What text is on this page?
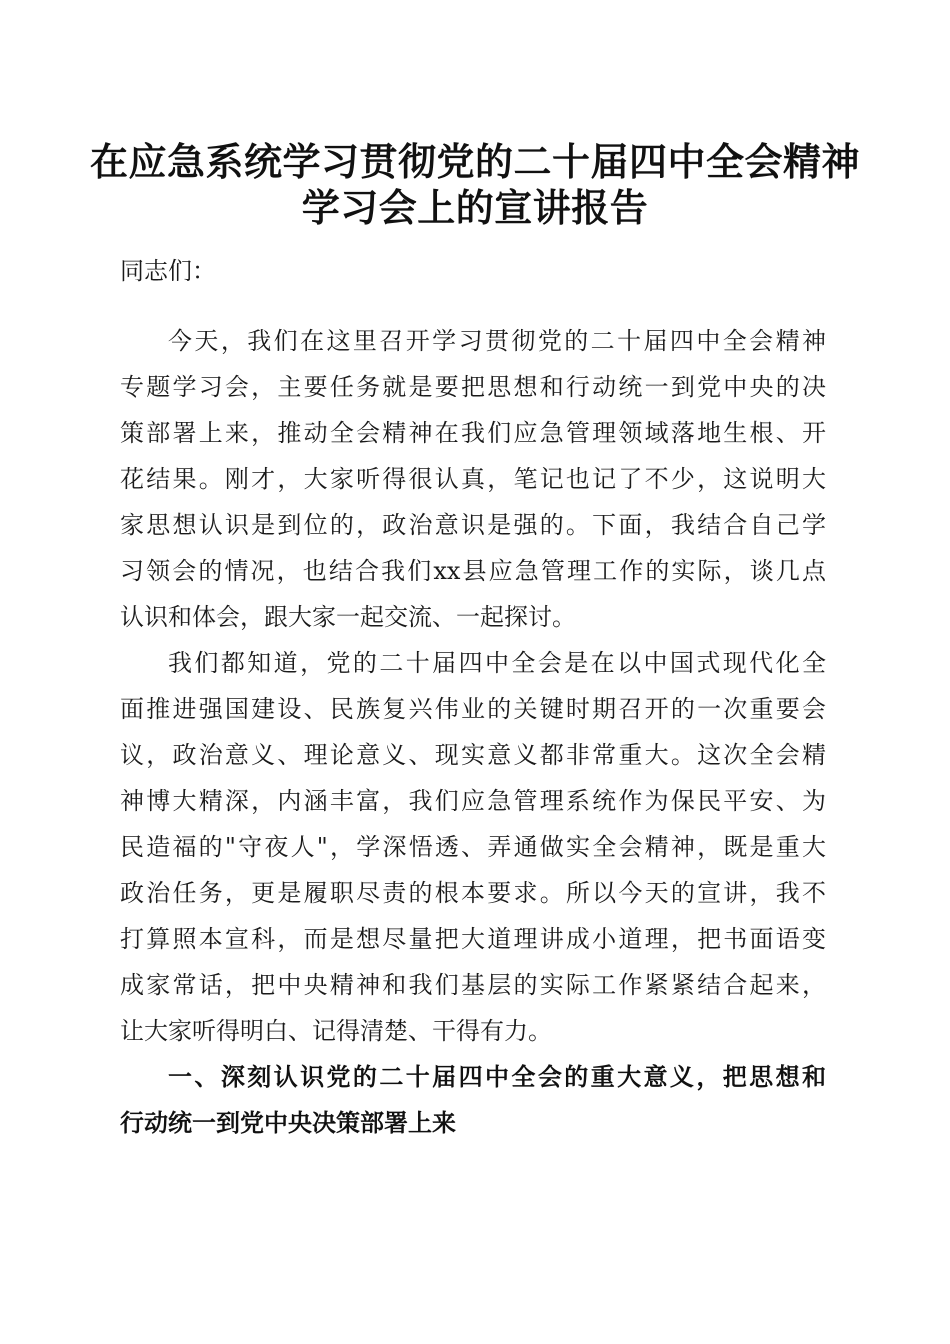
在应急系统学习贯彻党的二十届四中全会精神
学习会上的宣讲报告
同志们：
今天，我们在这里召开学习贯彻党的二十届四中全会精神
专题学习会，主要任务就是要把思想和行动统一到党中央的决
策部署上来，推动全会精神在我们应急管理领域落地生根、开
花结果。刚才，大家听得很认真，笔记也记了不少，这说明大
家思想认识是到位的，政治意识是强的。下面，我结合自己学
习领会的情况，也结合我们xx县应急管理工作的实际，谈几点
认识和体会，跟大家一起交流、一起探讨。
我们都知道，党的二十届四中全会是在以中国式现代化全
面推进强国建设、民族复兴伟业的关键时期召开的一次重要会
议，政治意义、理论意义、现实意义都非常重大。这次全会精
神博大精深，内涵丰富，我们应急管理系统作为保民平安、为
民造福的"守夜人"，学深悟透、弄通做实全会精神，既是重大
政治任务，更是履职尽责的根本要求。所以今天的宣讲，我不
打算照本宣科，而是想尽量把大道理讲成小道理，把书面语变
成家常话，把中央精神和我们基层的实际工作紧紧结合起来，
让大家听得明白、记得清楚、干得有力。
一、深刻认识党的二十届四中全会的重大意义，把思想和
行动统一到党中央决策部署上来
